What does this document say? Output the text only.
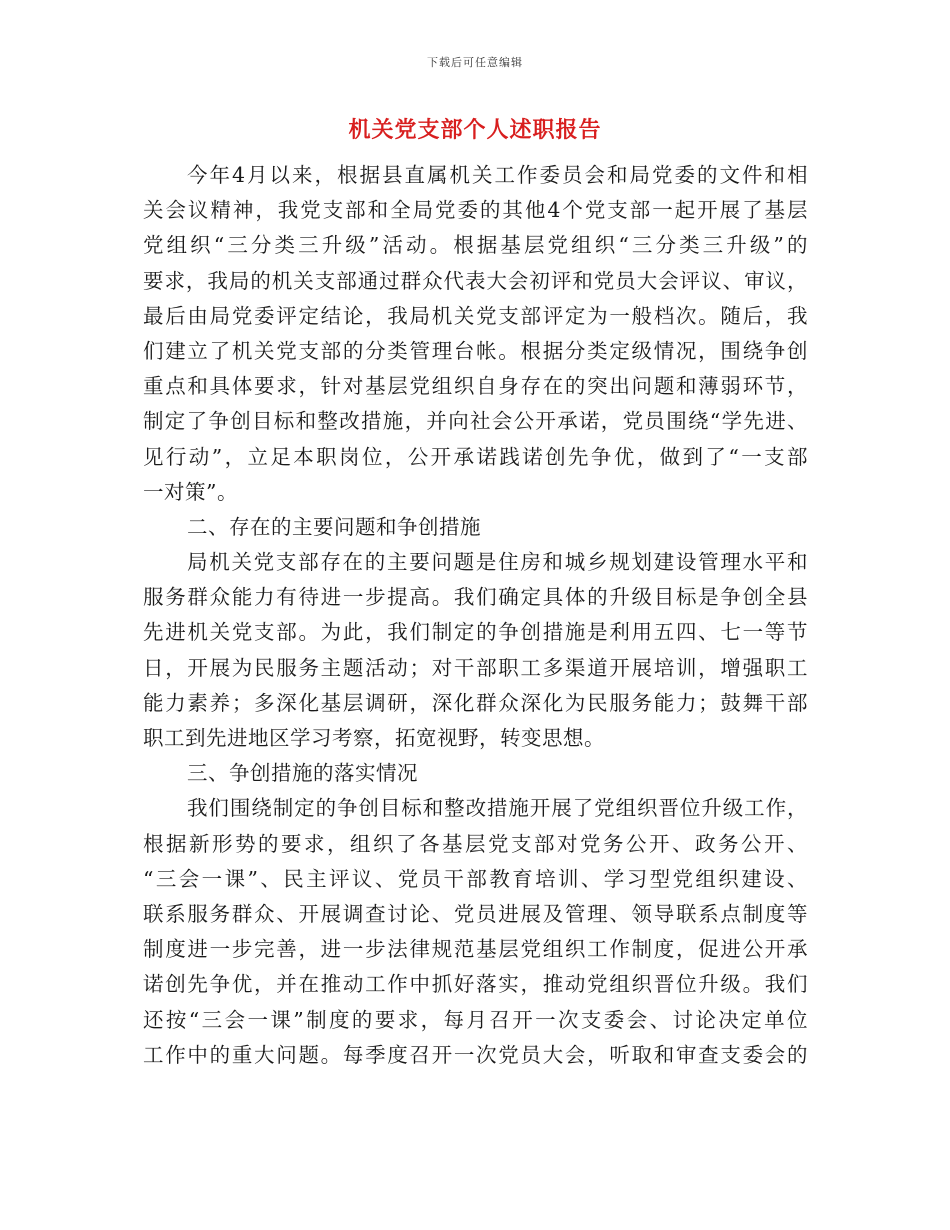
下载后可任意编辑
机关党支部个人述职报告
今年4月以来，根据县直属机关工作委员会和局党委的文件和相
关会议精神，我党支部和全局党委的其他4个党支部一起开展了基层
党组织“三分类三升级”活动。根据基层党组织“三分类三升级”的
要求，我局的机关支部通过群众代表大会初评和党员大会评议、审议，
最后由局党委评定结论，我局机关党支部评定为一般档次。随后，我
们建立了机关党支部的分类管理台帐。根据分类定级情况，围绕争创
重点和具体要求，针对基层党组织自身存在的突出问题和薄弱环节，
制定了争创目标和整改措施，并向社会公开承诺，党员围绕“学先进、
见行动”，立足本职岗位，公开承诺践诺创先争优，做到了“一支部
一对策”。
二、存在的主要问题和争创措施
局机关党支部存在的主要问题是住房和城乡规划建设管理水平和
服务群众能力有待进一步提高。我们确定具体的升级目标是争创全县
先进机关党支部。为此，我们制定的争创措施是利用五四、七一等节
日，开展为民服务主题活动；对干部职工多渠道开展培训，增强职工
能力素养；多深化基层调研，深化群众深化为民服务能力；鼓舞干部
职工到先进地区学习考察，拓宽视野，转变思想。
三、争创措施的落实情况
我们围绕制定的争创目标和整改措施开展了党组织晋位升级工作，
根据新形势的要求，组织了各基层党支部对党务公开、政务公开、
“三会一课”、民主评议、党员干部教育培训、学习型党组织建设、
联系服务群众、开展调查讨论、党员进展及管理、领导联系点制度等
制度进一步完善，进一步法律规范基层党组织工作制度，促进公开承
诺创先争优，并在推动工作中抓好落实，推动党组织晋位升级。我们
还按“三会一课”制度的要求，每月召开一次支委会、讨论决定单位
工作中的重大问题。每季度召开一次党员大会，听取和审查支委会的
